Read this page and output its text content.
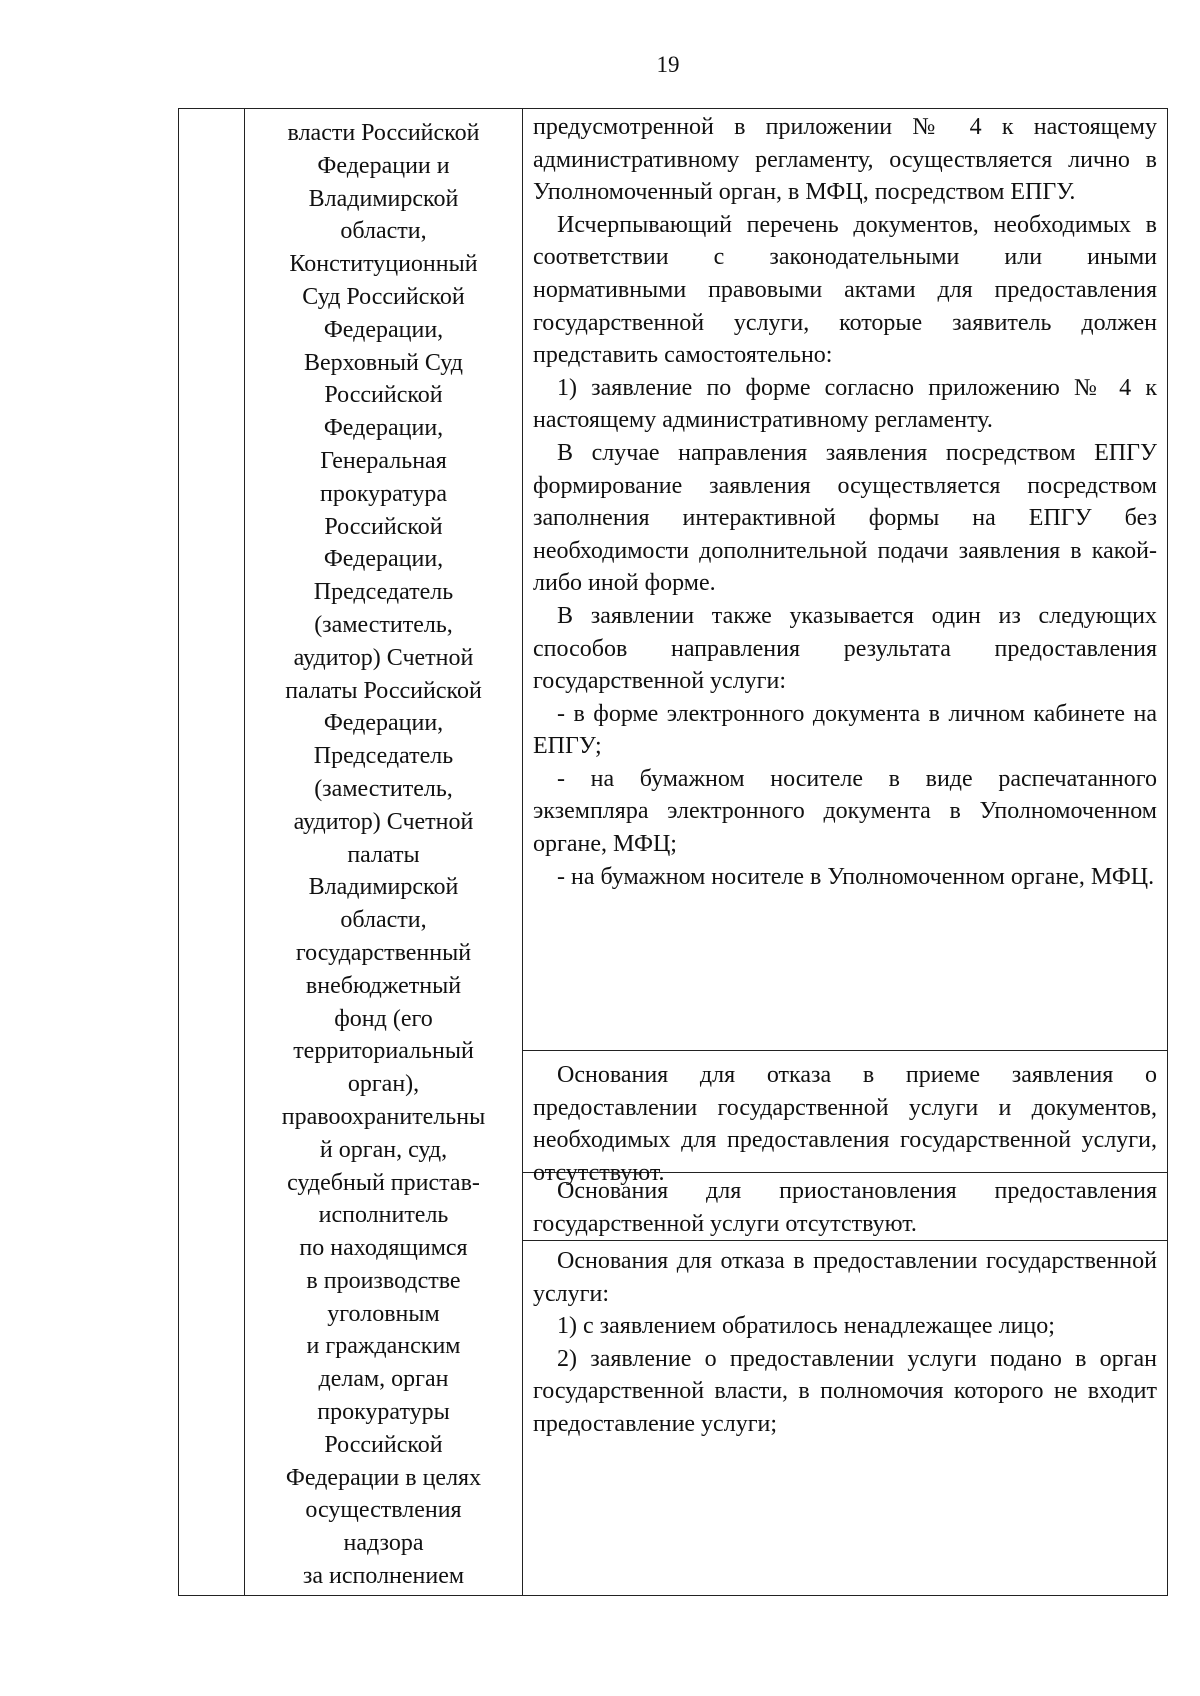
19
власти Российской
Федерации и
Владимирской
области,
Конституционный
Суд Российской
Федерации,
Верховный Суд
Российской
Федерации,
Генеральная
прокуратура
Российской
Федерации,
Председатель
(заместитель,
аудитор) Счетной
палаты Российской
Федерации,
Председатель
(заместитель,
аудитор) Счетной
палаты
Владимирской
области,
государственный
внебюджетный
фонд (его
территориальный
орган),
правоохранительны
й орган, суд,
судебный пристав-
исполнитель
по находящимся
в производстве
уголовным
и гражданским
делам, орган
прокуратуры
Российской
Федерации в целях
осуществления
надзора
за исполнением

предусмотренной в приложении № 4 к настоящему административному регламенту, осуществляется лично в Уполномоченный орган, в МФЦ, посредством ЕПГУ.

Исчерпывающий перечень документов, необходимых в соответствии с законодательными или иными нормативными правовыми актами для предоставления государственной услуги, которые заявитель должен представить самостоятельно:

1) заявление по форме согласно приложению № 4 к настоящему административному регламенту.

В случае направления заявления посредством ЕПГУ формирование заявления осуществляется посредством заполнения интерактивной формы на ЕПГУ без необходимости дополнительной подачи заявления в какой-либо иной форме.

В заявлении также указывается один из следующих способов направления результата предоставления государственной услуги:

- в форме электронного документа в личном кабинете на ЕПГУ;

- на бумажном носителе в виде распечатанного экземпляра электронного документа в Уполномоченном органе, МФЦ;

- на бумажном носителе в Уполномоченном органе, МФЦ.

Основания для отказа в приеме заявления о предоставлении государственной услуги и документов, необходимых для предоставления государственной услуги, отсутствуют.

Основания для приостановления предоставления государственной услуги отсутствуют.

Основания для отказа в предоставлении государственной услуги:

1) с заявлением обратилось ненадлежащее лицо;

2) заявление о предоставлении услуги подано в орган государственной власти, в полномочия которого не входит предоставление услуги;
